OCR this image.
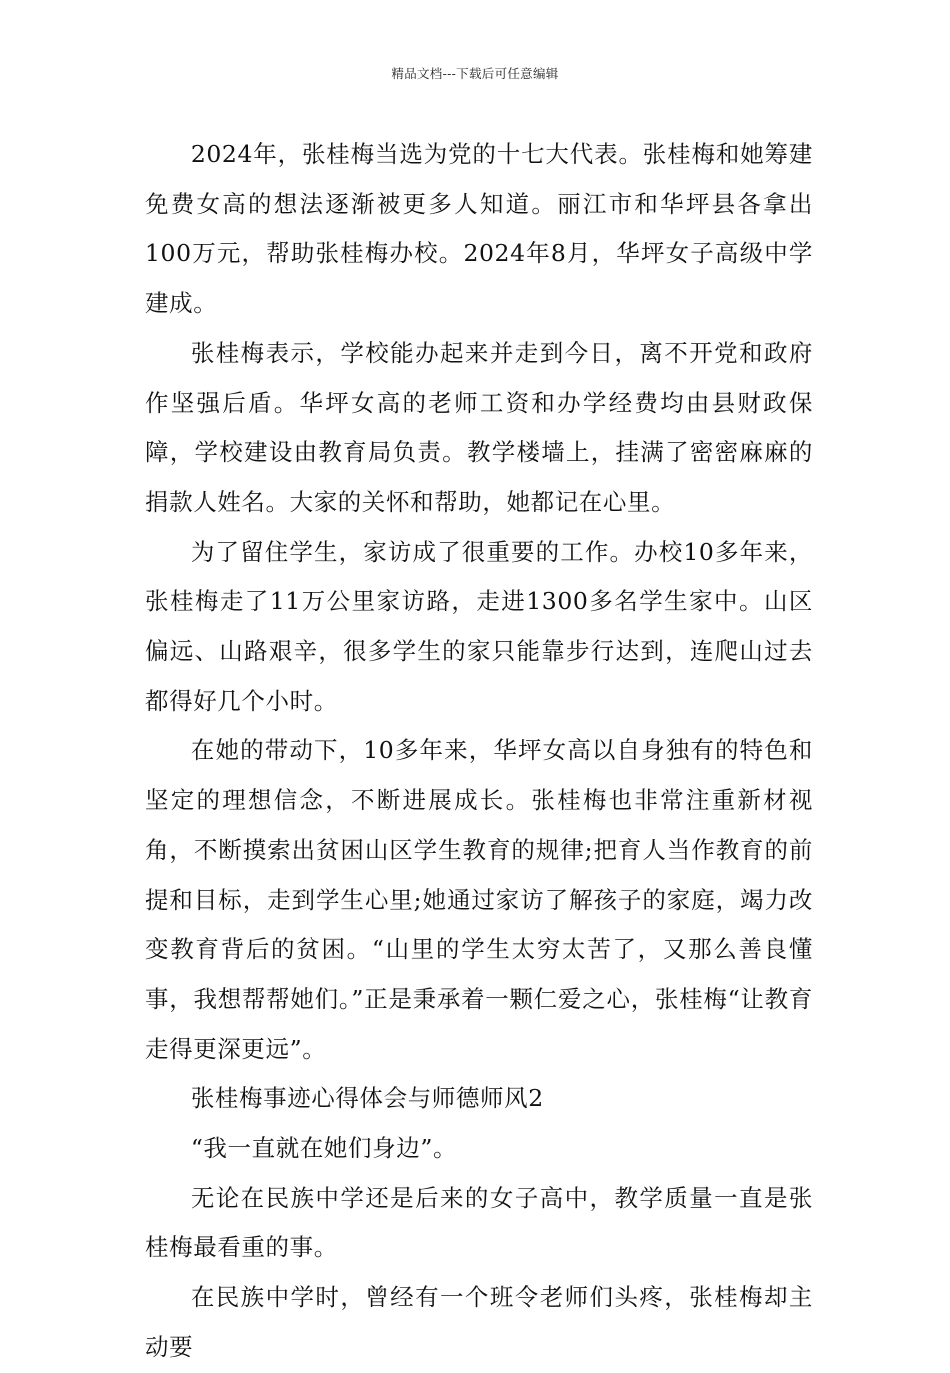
精品文档---下载后可任意编辑

2024年，张桂梅当选为党的十七大代表。张桂梅和她筹建免费女高的想法逐渐被更多人知道。丽江市和华坪县各拿出100万元，帮助张桂梅办校。2024年8月，华坪女子高级中学建成。

张桂梅表示，学校能办起来并走到今日，离不开党和政府作坚强后盾。华坪女高的老师工资和办学经费均由县财政保障，学校建设由教育局负责。教学楼墙上，挂满了密密麻麻的捐款人姓名。大家的关怀和帮助，她都记在心里。

为了留住学生，家访成了很重要的工作。办校10多年来，张桂梅走了11万公里家访路，走进1300多名学生家中。山区偏远、山路艰辛，很多学生的家只能靠步行达到，连爬山过去都得好几个小时。

在她的带动下，10多年来，华坪女高以自身独有的特色和坚定的理想信念，不断进展成长。张桂梅也非常注重新材视角，不断摸索出贫困山区学生教育的规律;把育人当作教育的前提和目标，走到学生心里;她通过家访了解孩子的家庭，竭力改变教育背后的贫困。“山里的学生太穷太苦了，又那么善良懂事，我想帮帮她们。”正是秉承着一颗仁爱之心，张桂梅“让教育走得更深更远”。

张桂梅事迹心得体会与师德师风2

“我一直就在她们身边”。

无论在民族中学还是后来的女子高中，教学质量一直是张桂梅最看重的事。

在民族中学时，曾经有一个班令老师们头疼，张桂梅却主动要
